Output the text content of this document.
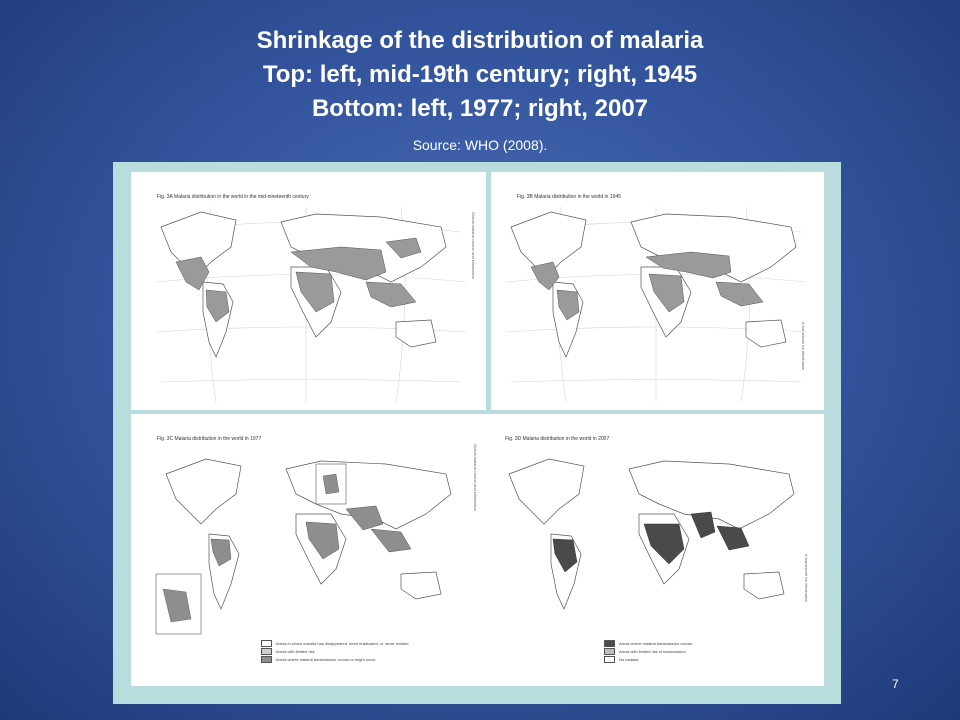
Shrinkage of the distribution of malaria
Top: left, mid-19th century; right, 1945
Bottom: left, 1977; right, 2007
Source: WHO (2008).
Fig. 3A Malaria distribution in the world in the mid-nineteenth century
Global malaria control and elimination
Fig. 3B Malaria distribution in the world in 1945
A framework for elimination
Fig. 3C Malaria distribution in the world in 1977
Global malaria control and elimination
Areas in which malaria has disappeared, been eradicated, or never existed
Areas with limited risk
Areas where malaria transmission occurs or might occur
Fig. 3D Malaria distribution in the world in 2007
A framework for elimination
Areas where malaria transmission occurs
Areas with limited risk of transmission
No malaria
7
